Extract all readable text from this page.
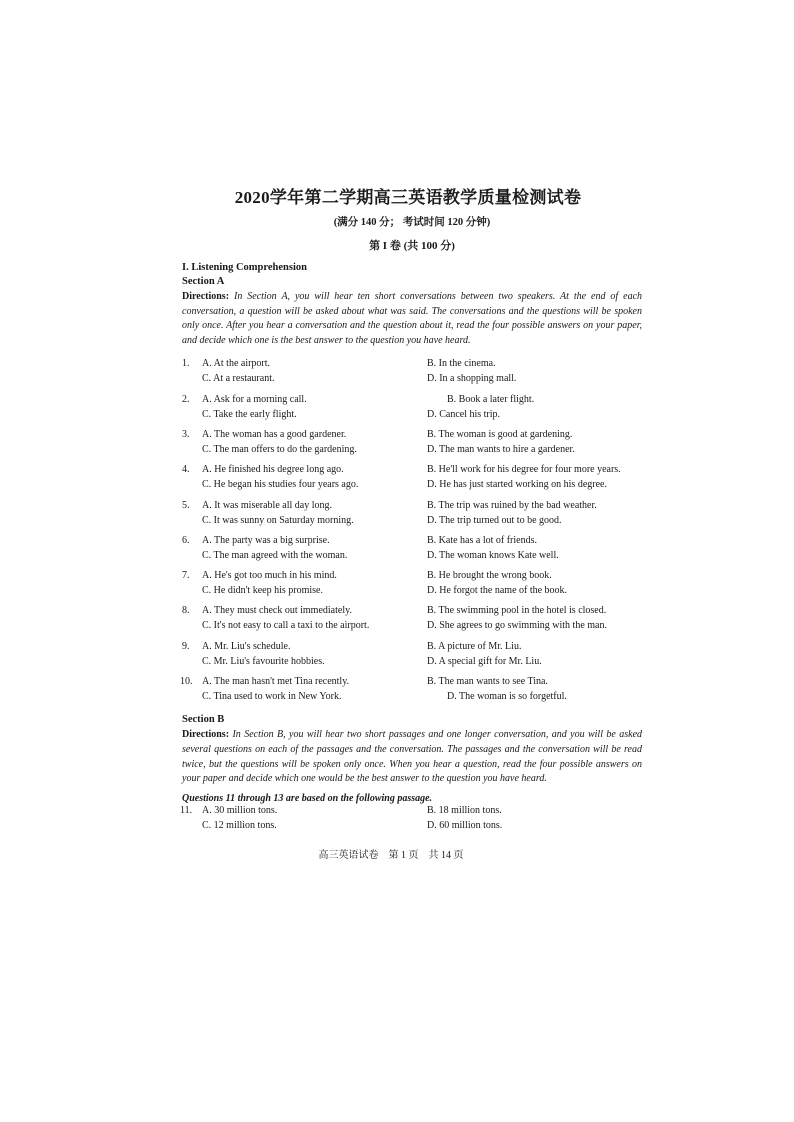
2020学年第二学期高三英语教学质量检测试卷
(满分 140 分； 考试时间 120 分钟)
第 I 卷 (共 100 分)
I. Listening Comprehension
Section A
Directions: In Section A, you will hear ten short conversations between two speakers. At the end of each conversation, a question will be asked about what was said. The conversations and the questions will be spoken only once. After you hear a conversation and the question about it, read the four possible answers on your paper, and decide which one is the best answer to the question you have heard.
1. A. At the airport.	B. In the cinema.
C. At a restaurant.	D. In a shopping mall.
2. A. Ask for a morning call.	B. Book a later flight.
C. Take the early flight.	D. Cancel his trip.
3. A. The woman has a good gardener.	B. The woman is good at gardening.
C. The man offers to do the gardening.	D. The man wants to hire a gardener.
4. A. He finished his degree long ago.	B. He'll work for his degree for four more years.
C. He began his studies four years ago.	D. He has just started working on his degree.
5. A. It was miserable all day long.	B. The trip was ruined by the bad weather.
C. It was sunny on Saturday morning.	D. The trip turned out to be good.
6. A. The party was a big surprise.	B. Kate has a lot of friends.
C. The man agreed with the woman.	D. The woman knows Kate well.
7. A. He's got too much in his mind.	B. He brought the wrong book.
C. He didn't keep his promise.	D. He forgot the name of the book.
8. A. They must check out immediately.	B. The swimming pool in the hotel is closed.
C. It's not easy to call a taxi to the airport.	D. She agrees to go swimming with the man.
9. A. Mr. Liu's schedule.	B. A picture of Mr. Liu.
C. Mr. Liu's favourite hobbies.	D. A special gift for Mr. Liu.
10. A. The man hasn't met Tina recently.	B. The man wants to see Tina.
C. Tina used to work in New York.	D. The woman is so forgetful.
Section B
Directions: In Section B, you will hear two short passages and one longer conversation, and you will be asked several questions on each of the passages and the conversation. The passages and the conversation will be read twice, but the questions will be spoken only once. When you hear a question, read the four possible answers on your paper and decide which one would be the best answer to the question you have heard.
Questions 11 through 13 are based on the following passage.
11. A. 30 million tons.	B. 18 million tons.
C. 12 million tons.	D. 60 million tons.
高三英语试卷　第 1 页　共 14 页
